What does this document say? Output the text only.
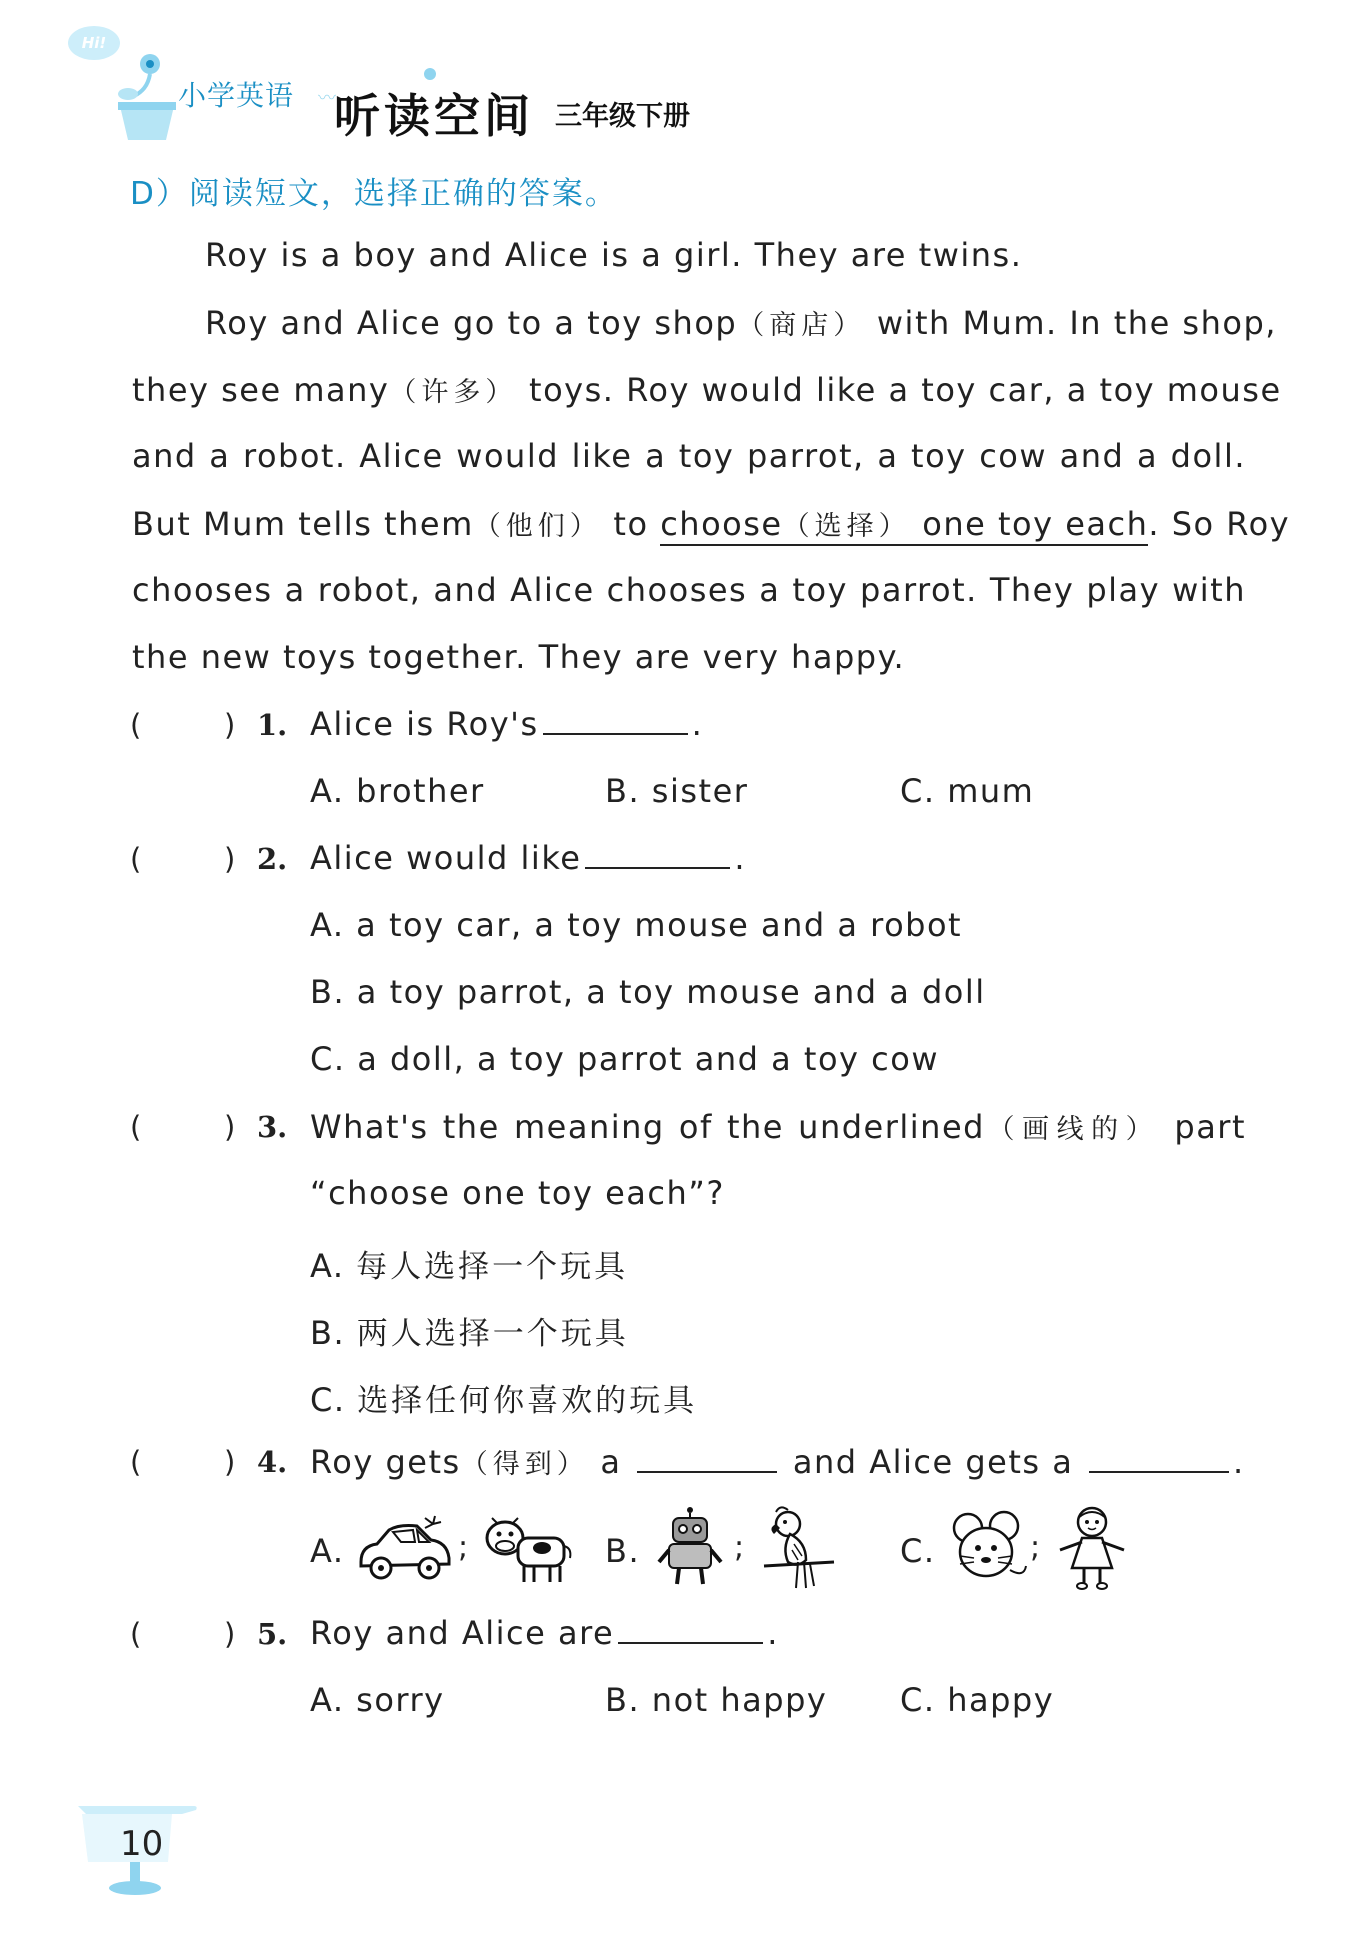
Hi!
小学英语 〰
听读空间 三年级下册
D）阅读短文，选择正确的答案。
Roy is a boy and Alice is a girl. They are twins.
Roy and Alice go to a toy shop（商店） with Mum. In the shop,
they see many（许多） toys. Roy would like a toy car, a toy mouse
and a robot. Alice would like a toy parrot, a toy cow and a doll.
But Mum tells them（他们） to choose（选择） one toy each. So Roy
chooses a robot, and Alice chooses a toy parrot. They play with
the new toys together. They are very happy.
(	) 1. Alice is Roy's	.
A. brother	B. sister	C. mum
(	) 2. Alice would like	.
A. a toy car, a toy mouse and a robot
B. a toy parrot, a toy mouse and a doll
C. a doll, a toy parrot and a toy cow
(	) 3. What's the meaning of the underlined（画线的） part
“choose one toy each”?
A. 每人选择一个玩具
B. 两人选择一个玩具
C. 选择任何你喜欢的玩具
(	) 4. Roy gets（得到） a	and Alice gets a	.
A.	;	B.	;	C.	;
(	) 5. Roy and Alice are	.
A. sorry	B. not happy C. happy
10
